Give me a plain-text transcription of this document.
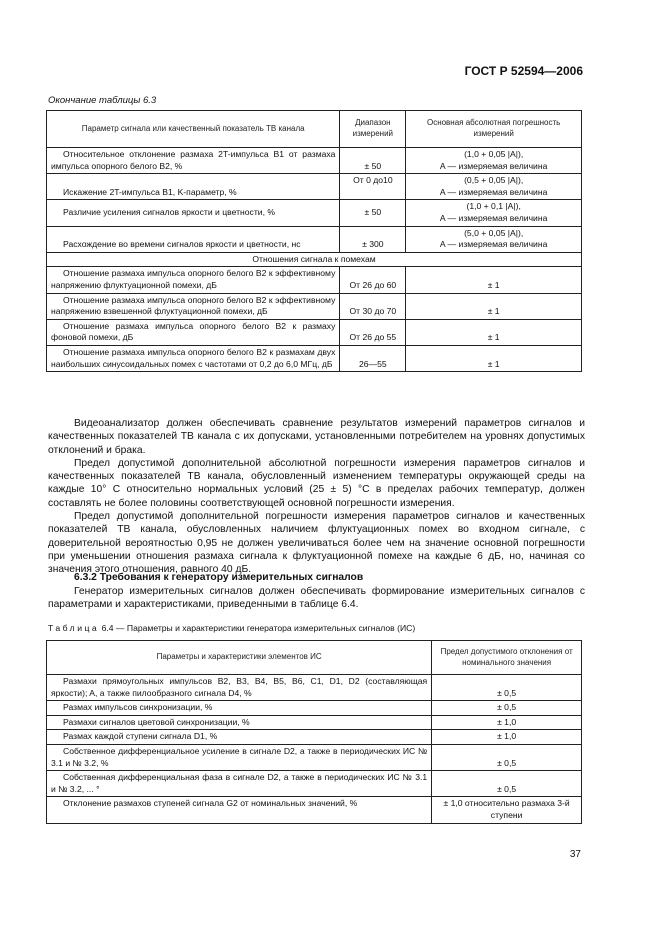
ГОСТ Р 52594—2006
Окончание таблицы 6.3
Параметр сигнала или качественный показатель ТВ канала	Диапазон измерений	Основная абсолютная погрешность измерений
Относительное отклонение размаха 2T-импульса В1 от размаха импульса опорного белого В2, %	± 50	(1,0 + 0,05 |A|),
A — измеряемая величина
Искажение 2T-импульса В1, K-параметр, %	От 0 до10	(0,5 + 0,05 |A|),
A — измеряемая величина
Различие усиления сигналов яркости и цветности, %	± 50	(1,0 + 0,1 |A|),
A — измеряемая величина
Расхождение во времени сигналов яркости и цветности, нс	± 300	(5,0 + 0,05 |A|),
A — измеряемая величина
Отношения сигнала к помехам		
Отношение размаха импульса опорного белого В2 к эффективному напряжению флуктуационной помехи, дБ	От 26 до 60	± 1
Отношение размаха импульса опорного белого В2 к эффективному напряжению взвешенной флуктуационной помехи, дБ	От 30 до 70	± 1
Отношение размаха импульса опорного белого В2 к размаху фоновой помехи, дБ	От 26 до 55	± 1
Отношение размаха импульса опорного белого В2 к размахам двух наибольших синусоидальных помех с частотами от 0,2 до 6,0 МГц, дБ	26—55	± 1

Видеоанализатор должен обеспечивать сравнение результатов измерений параметров сигналов и качественных показателей ТВ канала с их допусками, установленными потребителем на уровнях допустимых отклонений и брака.

Предел допустимой дополнительной абсолютной погрешности измерения параметров сигналов и качественных показателей ТВ канала, обусловленный изменением температуры окружающей среды на каждые 10° С относительно нормальных условий (25 ± 5) °С в пределах рабочих температур, должен составлять не более половины соответствующей основной погрешности измерения.

Предел допустимой дополнительной погрешности измерения параметров сигналов и качественных показателей ТВ канала, обусловленных наличием флуктуационных помех во входном сигнале, с доверительной вероятностью 0,95 не должен увеличиваться более чем на значение основной погрешности при уменьшении отношения размаха сигнала к флуктуационной помехе на каждые 6 дБ, но, начиная со значения этого отношения, равного 40 дБ.

6.3.2 Требования к генератору измерительных сигналов

Генератор измерительных сигналов должен обеспечивать формирование измерительных сигналов с параметрами и характеристиками, приведенными в таблице 6.4.

Таблица 6.4 — Параметры и характеристики генератора измерительных сигналов (ИС)
Параметры и характеристики элементов ИС	Предел допустимого отклонения от номинального значения
Размахи прямоугольных импульсов В2, В3, В4, В5, В6, С1, D1, D2 (составляющая яркости); A, а также пилообразного сигнала D4, %	± 0,5
Размах импульсов синхронизации, %	± 0,5
Размахи сигналов цветовой синхронизации, %	± 1,0
Размах каждой ступени сигнала D1, %	± 1,0
Собственное дифференциальное усиление в сигнале D2, а также в периодических ИС № 3.1 и № 3.2, %	± 0,5
Собственная дифференциальная фаза в сигнале D2, а также в периодических ИС № 3.1 и № 3.2, ... °	± 0,5
Отклонение размахов ступеней сигнала G2 от номинальных значений, %	± 1,0 относительно размаха 3-й ступени
37
